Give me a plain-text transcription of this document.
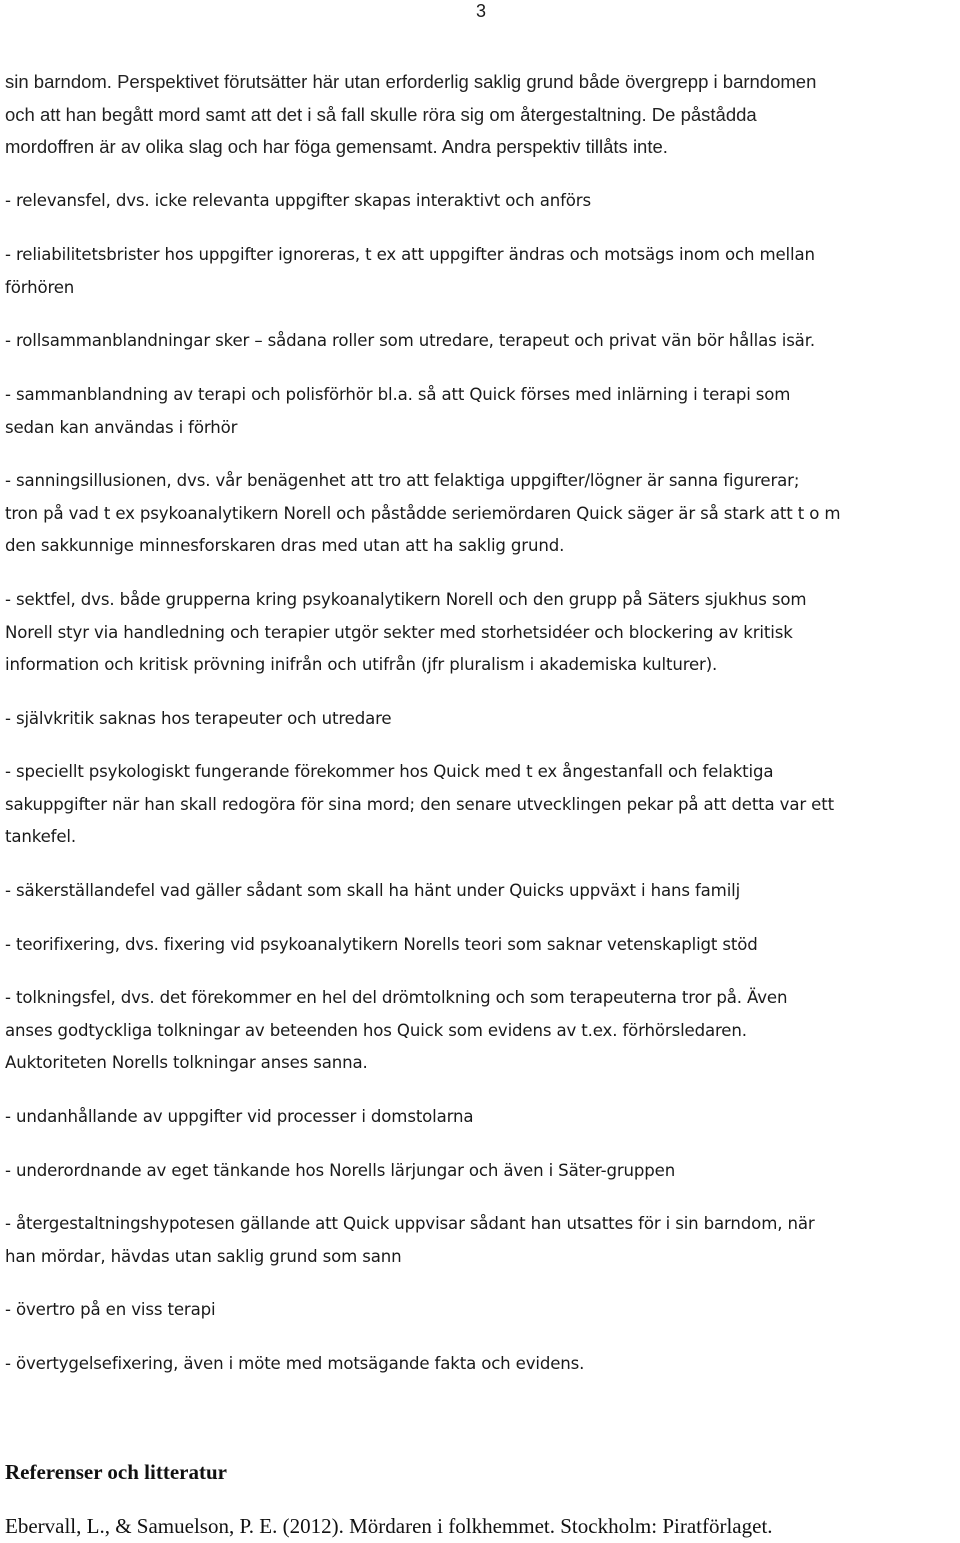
3

sin barndom. Perspektivet förutsätter här utan erforderlig saklig grund både övergrepp i barndomen
och att han begått mord samt att det i så fall skulle röra sig om återgestaltning. De påstådda
mordoffren är av olika slag och har föga gemensamt. Andra perspektiv tillåts inte.

- relevansfel, dvs. icke relevanta uppgifter skapas interaktivt och anförs

- reliabilitetsbrister hos uppgifter ignoreras, t ex att uppgifter ändras och motsägs inom och mellan
förhören

- rollsammanblandningar sker – sådana roller som utredare, terapeut och privat vän bör hållas isär.

- sammanblandning av terapi och polisförhör bl.a. så att Quick förses med inlärning i terapi som
sedan kan användas i förhör

- sanningsillusionen, dvs. vår benägenhet att tro att felaktiga uppgifter/lögner är sanna figurerar;
tron på vad t ex psykoanalytikern Norell och påstådde seriemördaren Quick säger är så stark att t o m
den sakkunnige minnesforskaren dras med utan att ha saklig grund.

- sektfel, dvs. både grupperna kring psykoanalytikern Norell och den grupp på Säters sjukhus som
Norell styr via handledning och terapier utgör sekter med storhetsidéer och blockering av kritisk
information och kritisk prövning inifrån och utifrån (jfr pluralism i akademiska kulturer).

- självkritik saknas hos terapeuter och utredare

- speciellt psykologiskt fungerande förekommer hos Quick med t ex ångestanfall och felaktiga
sakuppgifter när han skall redogöra för sina mord; den senare utvecklingen pekar på att detta var ett
tankefel.

- säkerställandefel vad gäller sådant som skall ha hänt under Quicks uppväxt i hans familj

- teorifixering, dvs. fixering vid psykoanalytikern Norells teori som saknar vetenskapligt stöd

- tolkningsfel, dvs. det förekommer en hel del drömtolkning och som terapeuterna tror på. Även
anses godtyckliga tolkningar av beteenden hos Quick som evidens av t.ex. förhörsledaren.
Auktoriteten Norells tolkningar anses sanna.

- undanhållande av uppgifter vid processer i domstolarna

- underordnande av eget tänkande hos Norells lärjungar och även i Säter-gruppen

- återgestaltningshypotesen gällande att Quick uppvisar sådant han utsattes för i sin barndom, när
han mördar, hävdas utan saklig grund som sann

- övertro på en viss terapi

- övertygelsefixering, även i möte med motsägande fakta och evidens.

Referenser och litteratur

Ebervall, L., & Samuelson, P. E. (2012). Mördaren i folkhemmet. Stockholm: Piratförlaget.
